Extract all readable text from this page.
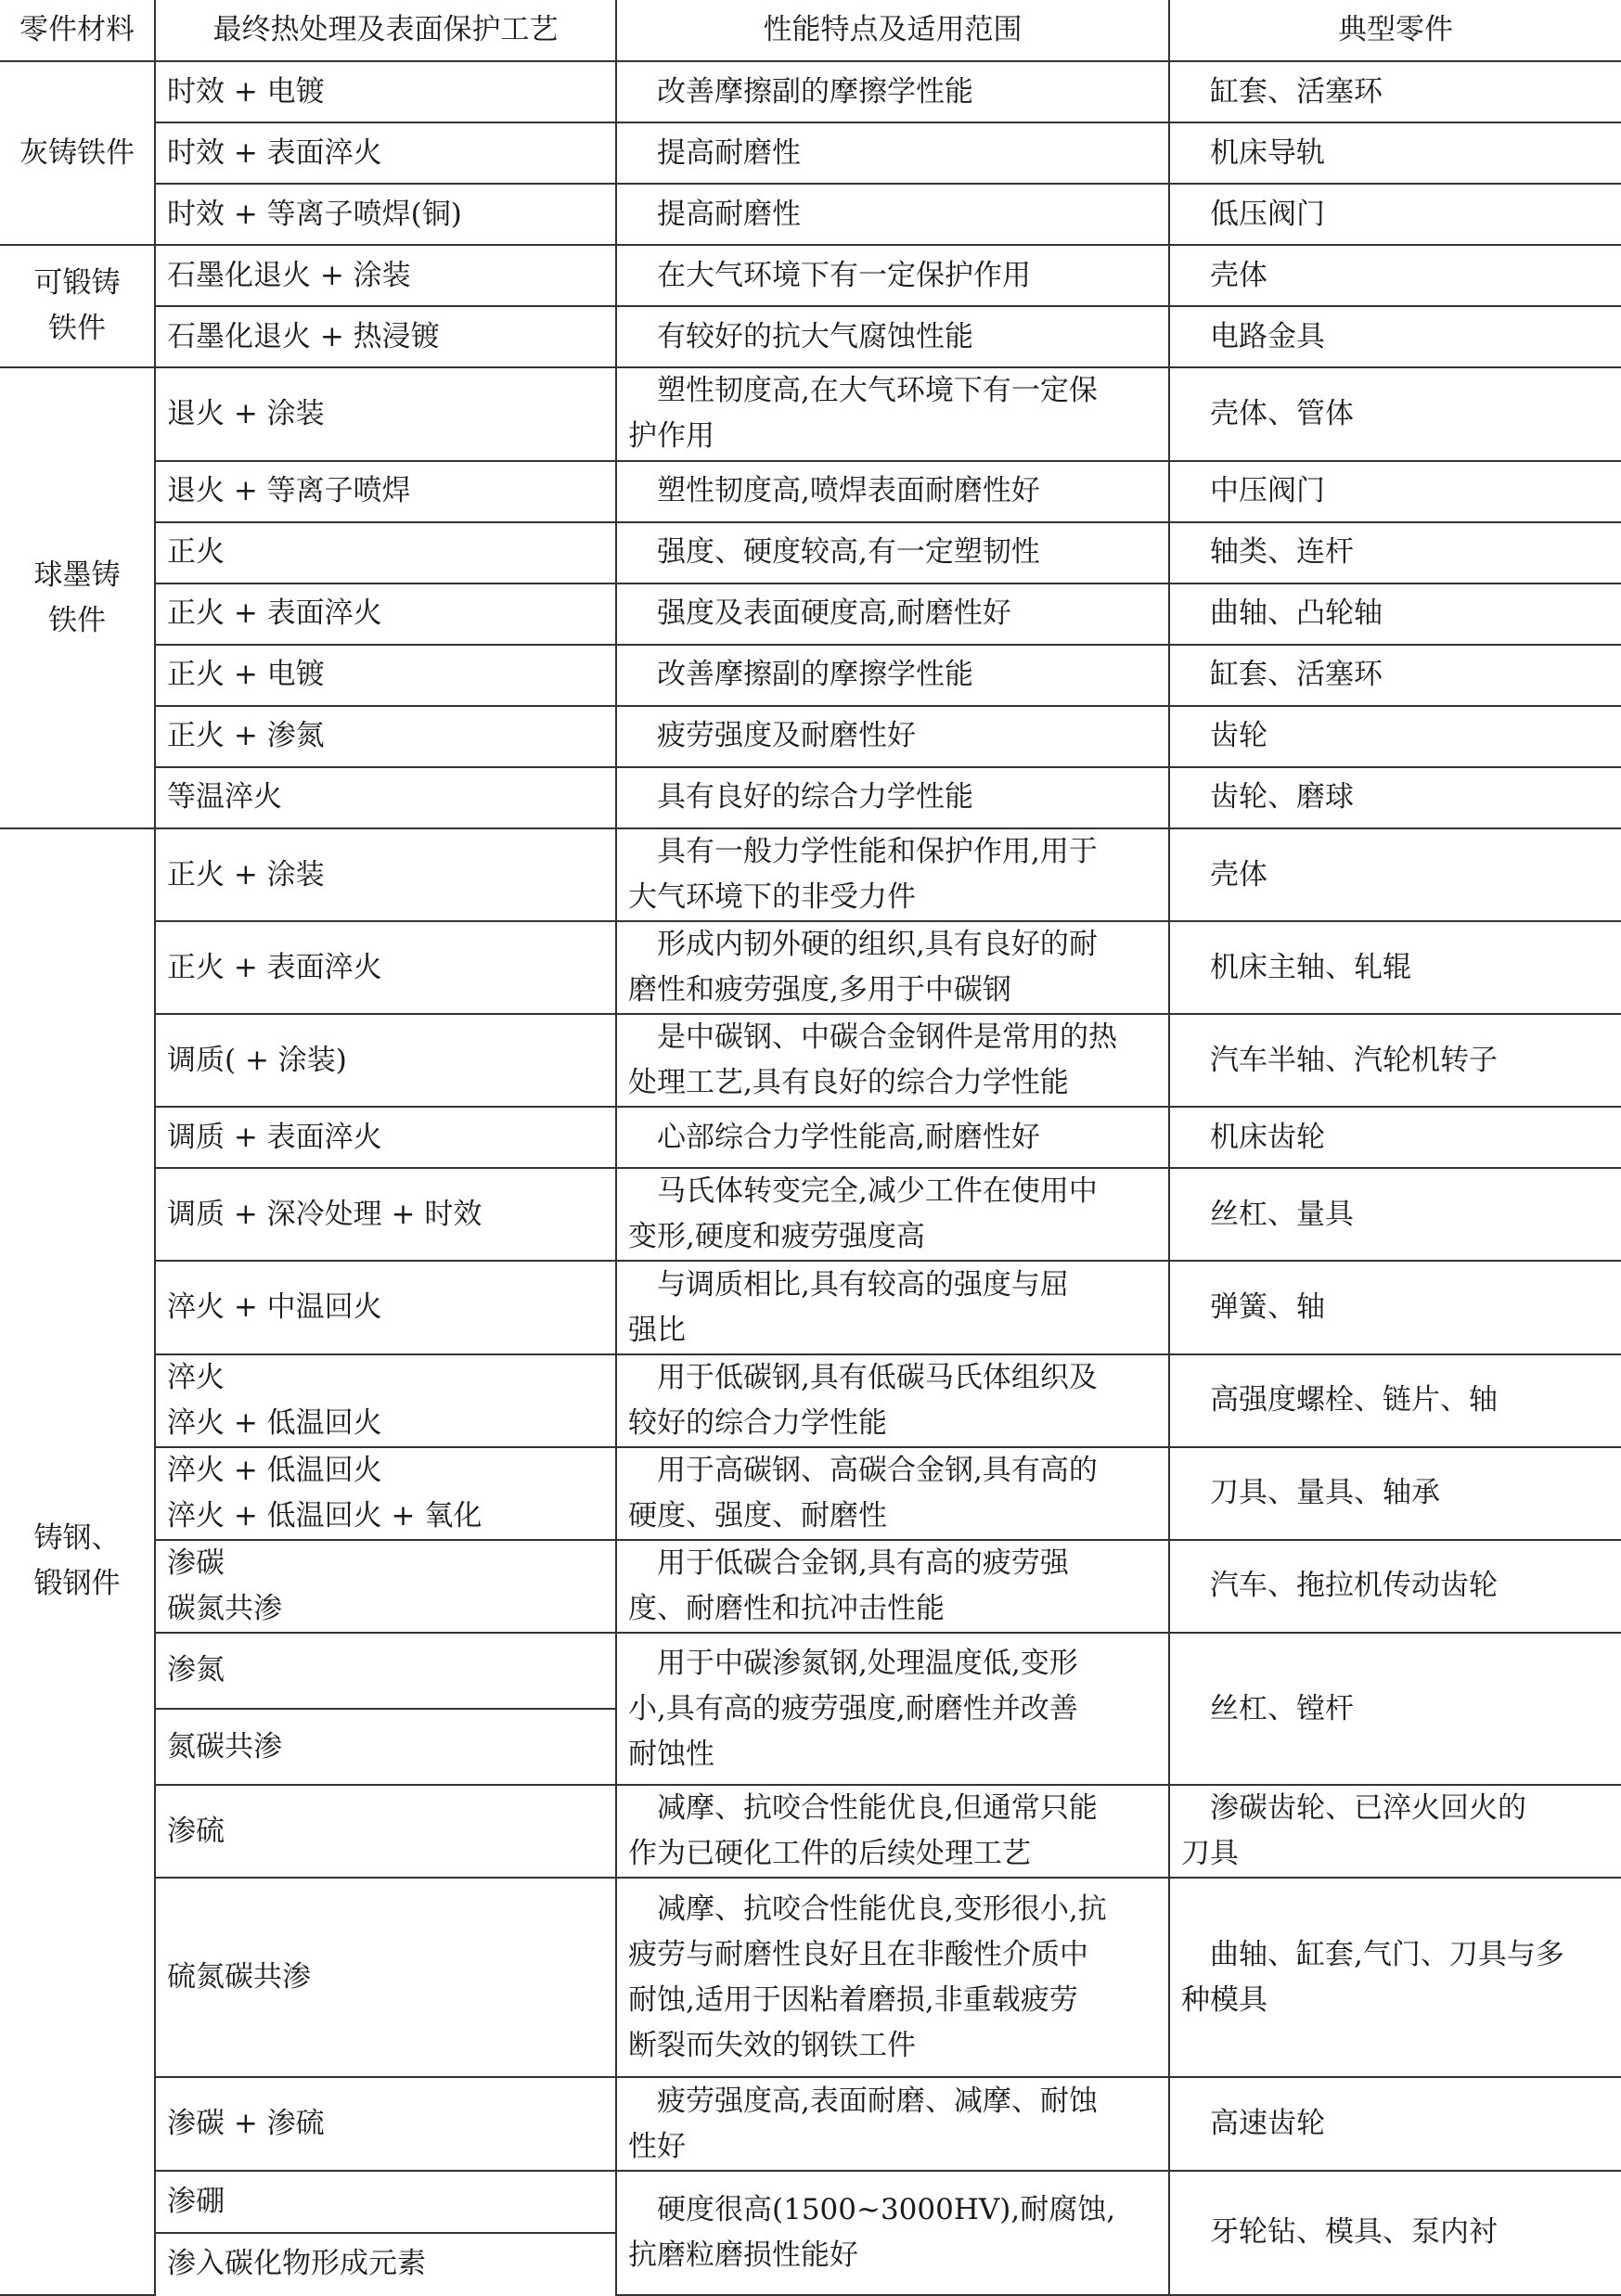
零件材料	最终热处理及表面保护工艺	性能特点及适用范围	典型零件

灰铸铁件	时效 + 电镀	改善摩擦副的摩擦学性能	缸套、活塞环

	时效 + 表面淬火	提高耐磨性	机床导轨

	时效 + 等离子喷焊(铜)	提高耐磨性	低压阀门

可锻铸
铁件	石墨化退火 + 涂装	在大气环境下有一定保护作用	壳体

	石墨化退火 + 热浸镀	有较好的抗大气腐蚀性能	电路金具

球墨铸
铁件	退火 + 涂装	塑性韧度高,在大气环境下有一定保
护作用	壳体、管体

	退火 + 等离子喷焊	塑性韧度高,喷焊表面耐磨性好	中压阀门

	正火	强度、硬度较高,有一定塑韧性	轴类、连杆

	正火 + 表面淬火	强度及表面硬度高,耐磨性好	曲轴、凸轮轴

	正火 + 电镀	改善摩擦副的摩擦学性能	缸套、活塞环

	正火 + 渗氮	疲劳强度及耐磨性好	齿轮

	等温淬火	具有良好的综合力学性能	齿轮、磨球

铸钢、
锻钢件	正火 + 涂装	具有一般力学性能和保护作用,用于
大气环境下的非受力件	壳体

	正火 + 表面淬火	形成内韧外硬的组织,具有良好的耐
磨性和疲劳强度,多用于中碳钢	机床主轴、轧辊

	调质( + 涂装)	是中碳钢、中碳合金钢件是常用的热
处理工艺,具有良好的综合力学性能	汽车半轴、汽轮机转子

	调质 + 表面淬火	心部综合力学性能高,耐磨性好	机床齿轮

	调质 + 深冷处理 + 时效	马氏体转变完全,减少工件在使用中
变形,硬度和疲劳强度高	丝杠、量具

	淬火 + 中温回火	与调质相比,具有较高的强度与屈
强比	弹簧、轴

	淬火
淬火 + 低温回火	用于低碳钢,具有低碳马氏体组织及
较好的综合力学性能	高强度螺栓、链片、轴

	淬火 + 低温回火
淬火 + 低温回火 + 氧化	用于高碳钢、高碳合金钢,具有高的
硬度、强度、耐磨性	刀具、量具、轴承

	渗碳
碳氮共渗	用于低碳合金钢,具有高的疲劳强
度、耐磨性和抗冲击性能	汽车、拖拉机传动齿轮

	渗氮	用于中碳渗氮钢,处理温度低,变形
小,具有高的疲劳强度,耐磨性并改善
耐蚀性	丝杠、镗杆

	氮碳共渗		

	渗硫	减摩、抗咬合性能优良,但通常只能
作为已硬化工件的后续处理工艺	渗碳齿轮、已淬火回火的
刀具

	硫氮碳共渗	减摩、抗咬合性能优良,变形很小,抗
疲劳与耐磨性良好且在非酸性介质中
耐蚀,适用于因粘着磨损,非重载疲劳
断裂而失效的钢铁工件	曲轴、缸套,气门、刀具与多
种模具

	渗碳 + 渗硫	疲劳强度高,表面耐磨、减摩、耐蚀
性好	高速齿轮

	渗硼	硬度很高(1500~3000HV),耐腐蚀,
抗磨粒磨损性能好	牙轮钻、模具、泵内衬

	渗入碳化物形成元素		
